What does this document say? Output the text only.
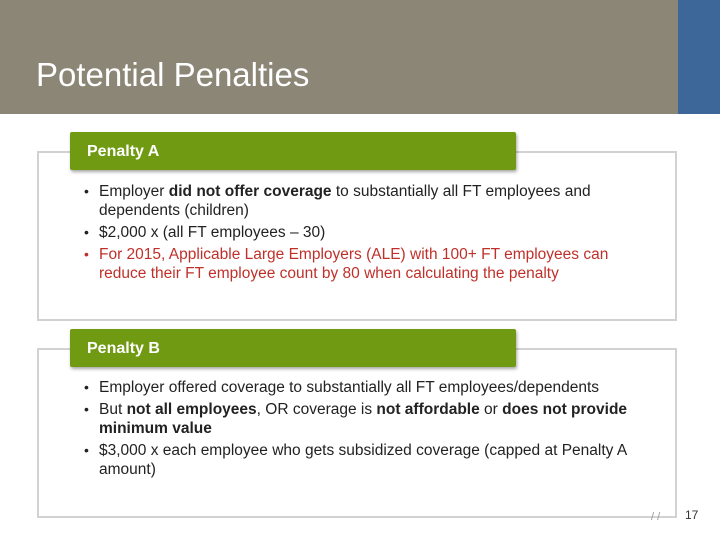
Potential Penalties
Penalty A
• Employer did not offer coverage to substantially all FT employees and dependents (children)
• $2,000 x (all FT employees – 30)
• For 2015, Applicable Large Employers (ALE) with 100+ FT employees can reduce their FT employee count by 80 when calculating the penalty
Penalty B
• Employer offered coverage to substantially all FT employees/dependents
• But not all employees, OR coverage is not affordable or does not provide minimum value
• $3,000 x each employee who gets subsidized coverage (capped at Penalty A amount)
/ / 17
